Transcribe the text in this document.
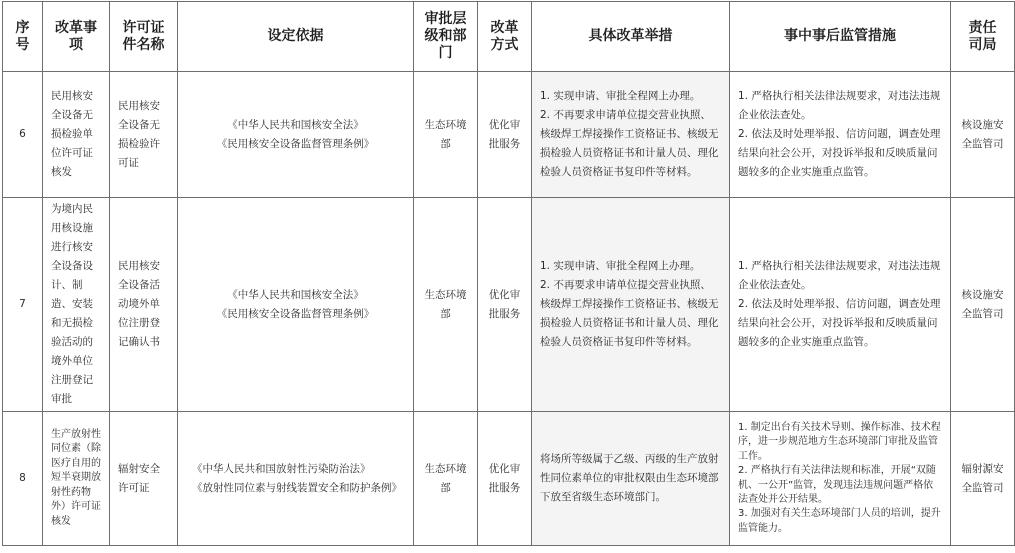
序号	改革事项	许可证件名称	设定依据	审批层级和部门	改革方式	具体改革举措	事中事后监管措施	责任司局
6	民用核安全设备无损检验单位许可证核发	民用核安全设备无损检验许可证	《中华人民共和国核安全法》
《民用核安全设备监督管理条例》	生态环境部	优化审批服务	1. 实现申请、审批全程网上办理。
2. 不再要求申请单位提交营业执照、核级焊工焊接操作工资格证书、核级无损检验人员资格证书和计量人员、理化检验人员资格证书复印件等材料。	1. 严格执行相关法律法规要求，对违法违规企业依法查处。
2. 依法及时处理举报、信访问题，调查处理结果向社会公开，对投诉举报和反映质量问题较多的企业实施重点监管。	核设施安全监管司
7	为境内民用核设施进行核安全设备设计、制造、安装和无损检验活动的境外单位注册登记审批	民用核安全设备活动境外单位注册登记确认书	《中华人民共和国核安全法》
《民用核安全设备监督管理条例》	生态环境部	优化审批服务	1. 实现申请、审批全程网上办理。
2. 不再要求申请单位提交营业执照、核级焊工焊接操作工资格证书、核级无损检验人员资格证书和计量人员、理化检验人员资格证书复印件等材料。	1. 严格执行相关法律法规要求，对违法违规企业依法查处。
2. 依法及时处理举报、信访问题，调查处理结果向社会公开，对投诉举报和反映质量问题较多的企业实施重点监管。	核设施安全监管司
8	生产放射性同位素（除医疗自用的短半衰期放射性药物外）许可证核发	辐射安全许可证	《中华人民共和国放射性污染防治法》
《放射性同位素与射线装置安全和防护条例》	生态环境部	优化审批服务	将场所等级属于乙级、丙级的生产放射性同位素单位的审批权限由生态环境部下放至省级生态环境部门。	1. 制定出台有关技术导则、操作标准、技术程序，进一步规范地方生态环境部门审批及监管工作。
2. 严格执行有关法律法规和标准，开展“双随机、一公开”监管，发现违法违规问题严格依法查处并公开结果。
3. 加强对有关生态环境部门人员的培训，提升监管能力。	辐射源安全监管司
